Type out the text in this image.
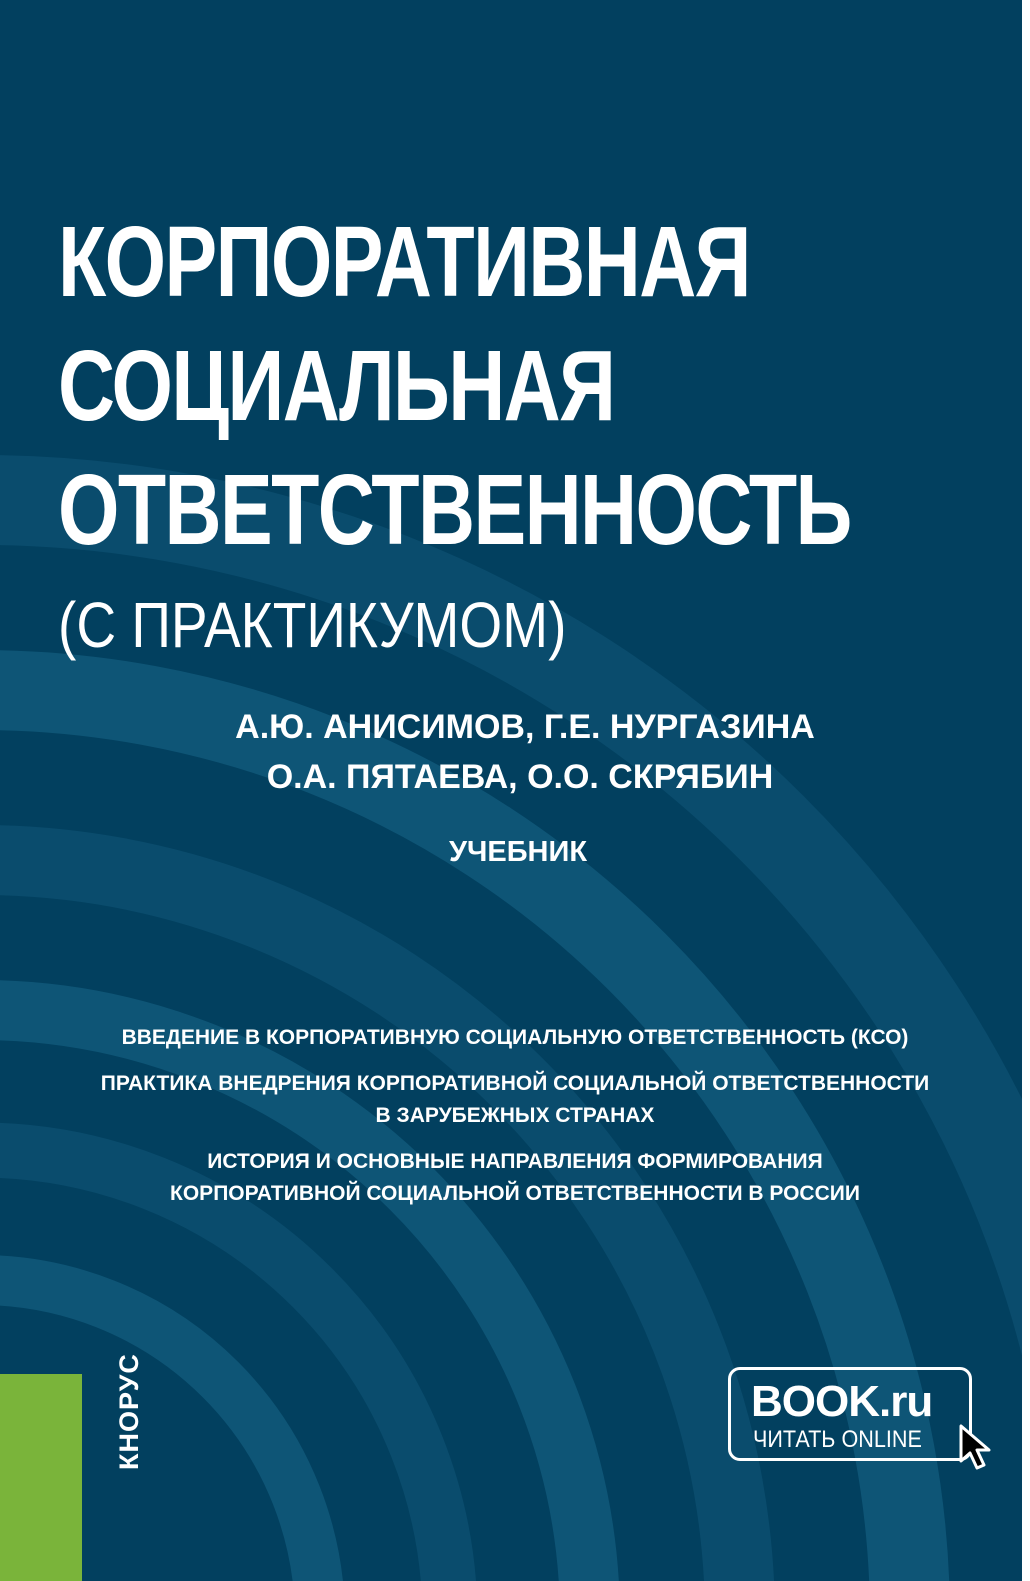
КОРПОРАТИВНАЯ
СОЦИАЛЬНАЯ
ОТВЕТСТВЕННОСТЬ
(С ПРАКТИКУМОМ)
А.Ю. АНИСИМОВ, Г.Е. НУРГАЗИНА
О.А. ПЯТАЕВА, О.О. СКРЯБИН
УЧЕБНИК
ВВЕДЕНИЕ В КОРПОРАТИВНУЮ СОЦИАЛЬНУЮ ОТВЕТСТВЕННОСТЬ (КСО)
ПРАКТИКА ВНЕДРЕНИЯ КОРПОРАТИВНОЙ СОЦИАЛЬНОЙ ОТВЕТСТВЕННОСТИ
В ЗАРУБЕЖНЫХ СТРАНАХ
ИСТОРИЯ И ОСНОВНЫЕ НАПРАВЛЕНИЯ ФОРМИРОВАНИЯ
КОРПОРАТИВНОЙ СОЦИАЛЬНОЙ ОТВЕТСТВЕННОСТИ В РОССИИ
КНОРУС	BOOK.ru
ЧИТАТЬ ONLINE
